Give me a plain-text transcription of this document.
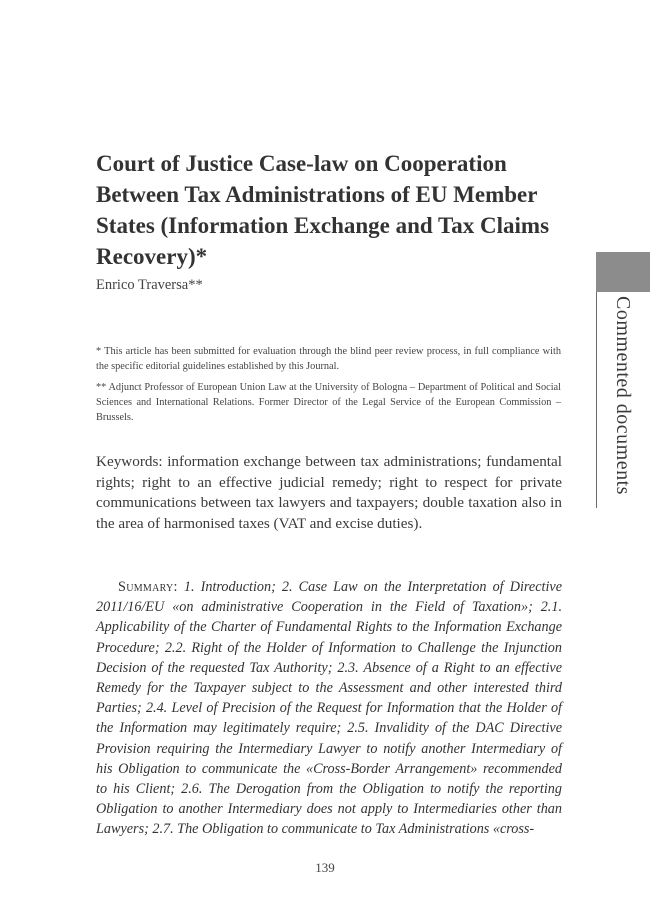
Court of Justice Case-law on Cooperation Between Tax Administrations of EU Member States (Information Exchange and Tax Claims Recovery)*
Enrico Traversa**

* This article has been submitted for evaluation through the blind peer review process, in full compliance with the specific editorial guidelines established by this Journal.

** Adjunct Professor of European Union Law at the University of Bologna – Department of Political and Social Sciences and International Relations. Former Director of the Legal Service of the European Commission – Brussels.

Keywords: information exchange between tax administrations; fundamental rights; right to an effective judicial remedy; right to respect for private communications between tax lawyers and taxpayers; double taxation also in the area of harmonised taxes (VAT and excise duties).

Summary: 1. Introduction; 2. Case Law on the Interpretation of Directive 2011/16/EU «on administrative Cooperation in the Field of Taxation»; 2.1. Applicability of the Charter of Fundamental Rights to the Information Exchange Procedure; 2.2. Right of the Holder of Information to Challenge the Injunction Decision of the requested Tax Authority; 2.3. Absence of a Right to an effective Remedy for the Taxpayer subject to the Assessment and other interested third Parties; 2.4. Level of Precision of the Request for Information that the Holder of the Information may legitimately require; 2.5. Invalidity of the DAC Directive Provision requiring the Intermediary Lawyer to notify another Intermediary of his Obligation to communicate the «Cross-Border Arrangement» recommended to his Client; 2.6. The Derogation from the Obligation to notify the reporting Obligation to another Intermediary does not apply to Intermediaries other than Lawyers; 2.7. The Obligation to communicate to Tax Administrations «cross-

139
Commented documents
